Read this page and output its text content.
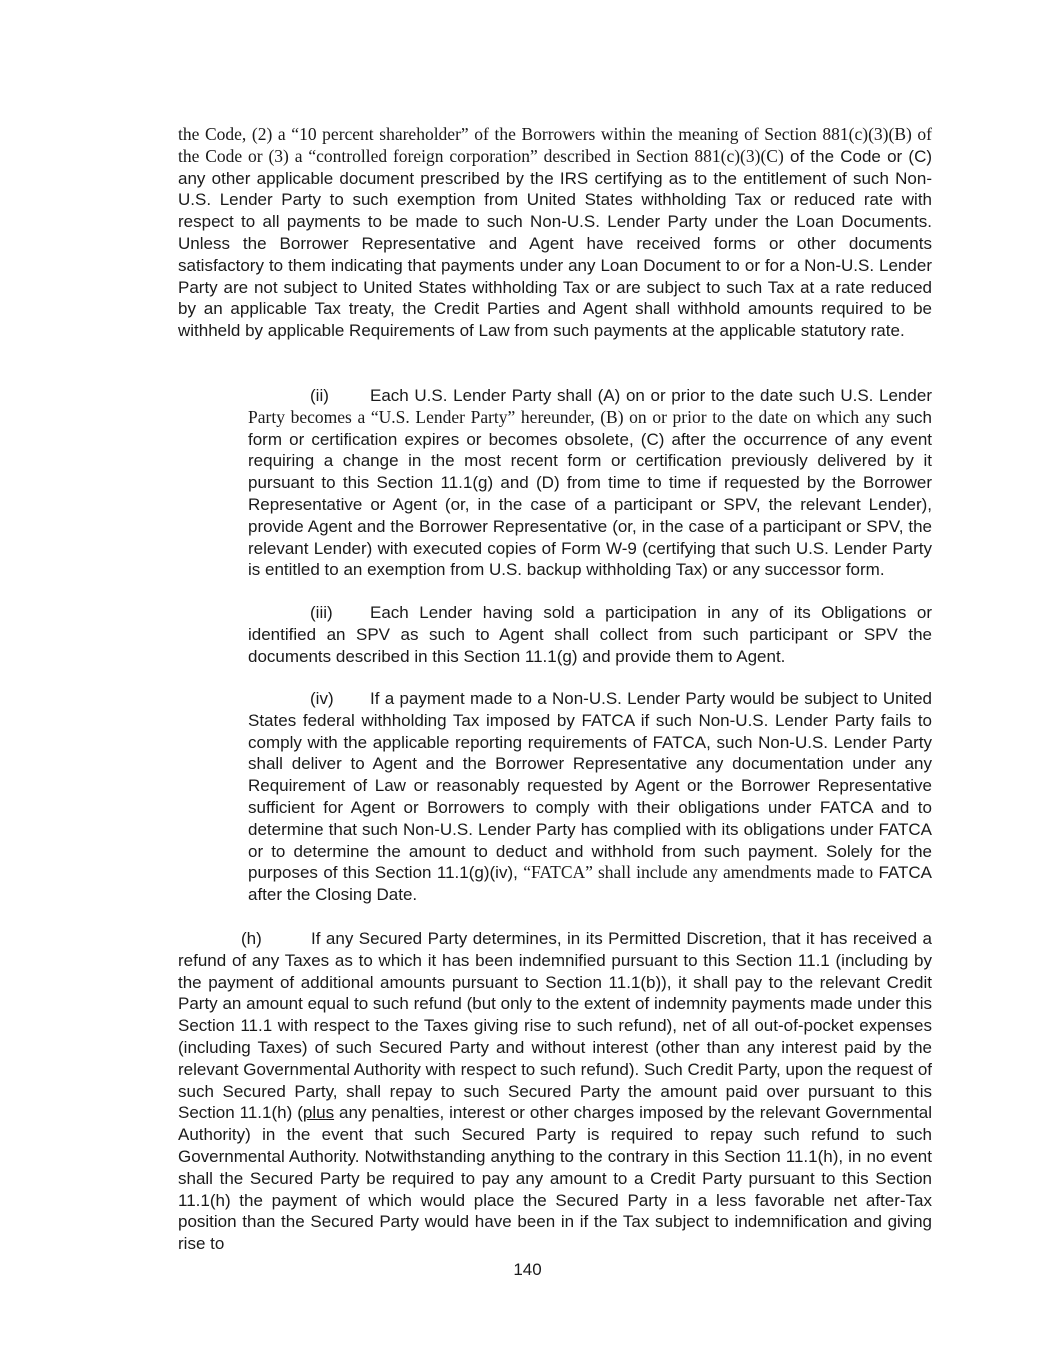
the Code, (2) a “10 percent shareholder” of the Borrowers within the meaning of Section 881(c)(3)(B) of the Code or (3) a “controlled foreign corporation” described in Section 881(c)(3)(C) of the Code or (C) any other applicable document prescribed by the IRS certifying as to the entitlement of such Non-U.S. Lender Party to such exemption from United States withholding Tax or reduced rate with respect to all payments to be made to such Non-U.S. Lender Party under the Loan Documents. Unless the Borrower Representative and Agent have received forms or other documents satisfactory to them indicating that payments under any Loan Document to or for a Non-U.S. Lender Party are not subject to United States withholding Tax or are subject to such Tax at a rate reduced by an applicable Tax treaty, the Credit Parties and Agent shall withhold amounts required to be withheld by applicable Requirements of Law from such payments at the applicable statutory rate.

(ii) Each U.S. Lender Party shall (A) on or prior to the date such U.S. Lender Party becomes a “U.S. Lender Party” hereunder, (B) on or prior to the date on which any such form or certification expires or becomes obsolete, (C) after the occurrence of any event requiring a change in the most recent form or certification previously delivered by it pursuant to this Section 11.1(g) and (D) from time to time if requested by the Borrower Representative or Agent (or, in the case of a participant or SPV, the relevant Lender), provide Agent and the Borrower Representative (or, in the case of a participant or SPV, the relevant Lender) with executed copies of Form W-9 (certifying that such U.S. Lender Party is entitled to an exemption from U.S. backup withholding Tax) or any successor form.

(iii) Each Lender having sold a participation in any of its Obligations or identified an SPV as such to Agent shall collect from such participant or SPV the documents described in this Section 11.1(g) and provide them to Agent.

(iv) If a payment made to a Non-U.S. Lender Party would be subject to United States federal withholding Tax imposed by FATCA if such Non-U.S. Lender Party fails to comply with the applicable reporting requirements of FATCA, such Non-U.S. Lender Party shall deliver to Agent and the Borrower Representative any documentation under any Requirement of Law or reasonably requested by Agent or the Borrower Representative sufficient for Agent or Borrowers to comply with their obligations under FATCA and to determine that such Non-U.S. Lender Party has complied with its obligations under FATCA or to determine the amount to deduct and withhold from such payment. Solely for the purposes of this Section 11.1(g)(iv), “FATCA” shall include any amendments made to FATCA after the Closing Date.

(h)	If any Secured Party determines, in its Permitted Discretion, that it has received a refund of any Taxes as to which it has been indemnified pursuant to this Section 11.1 (including by the payment of additional amounts pursuant to Section 11.1(b)), it shall pay to the relevant Credit Party an amount equal to such refund (but only to the extent of indemnity payments made under this Section 11.1 with respect to the Taxes giving rise to such refund), net of all out-of-pocket expenses (including Taxes) of such Secured Party and without interest (other than any interest paid by the relevant Governmental Authority with respect to such refund). Such Credit Party, upon the request of such Secured Party, shall repay to such Secured Party the amount paid over pursuant to this Section 11.1(h) (plus any penalties, interest or other charges imposed by the relevant Governmental Authority) in the event that such Secured Party is required to repay such refund to such Governmental Authority. Notwithstanding anything to the contrary in this Section 11.1(h), in no event shall the Secured Party be required to pay any amount to a Credit Party pursuant to this Section 11.1(h) the payment of which would place the Secured Party in a less favorable net after-Tax position than the Secured Party would have been in if the Tax subject to indemnification and giving rise to

140
